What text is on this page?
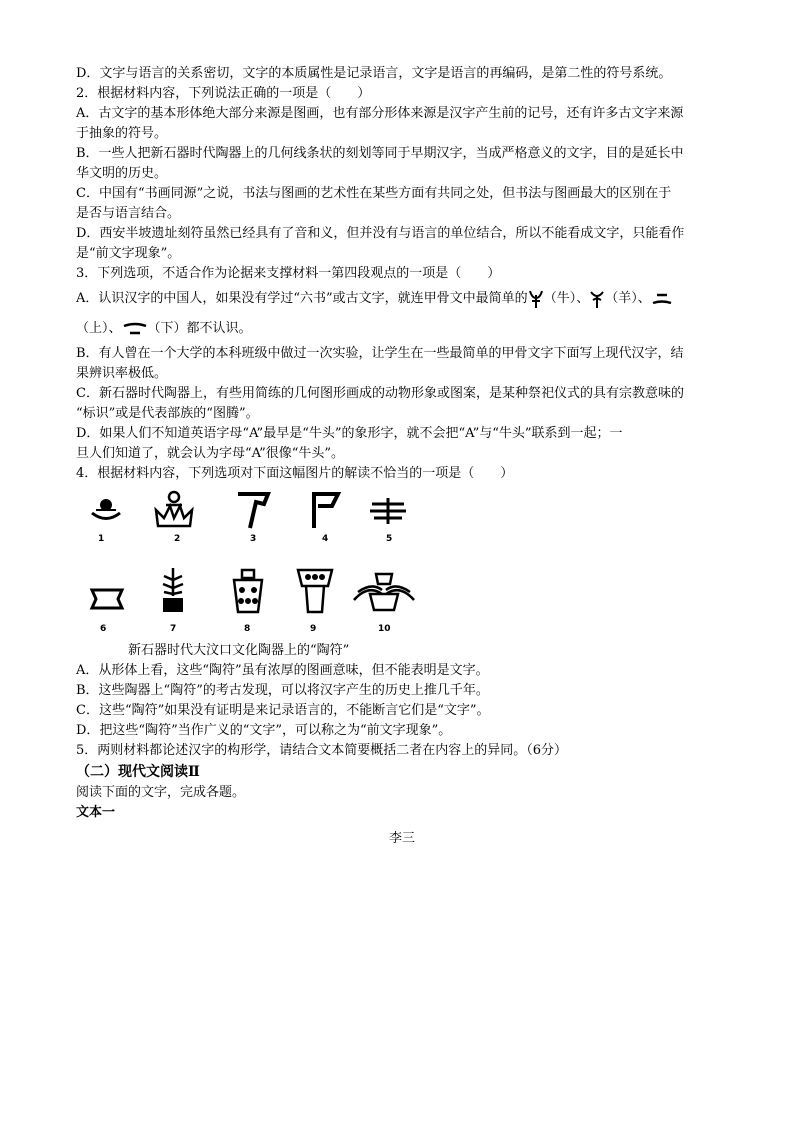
D．文字与语言的关系密切，文字的本质属性是记录语言，文字是语言的再编码，是第二性的符号系统。
2．根据材料内容，下列说法正确的一项是（　　）
A．古文字的基本形体绝大部分来源是图画，也有部分形体来源是汉字产生前的记号，还有许多古文字来源
于抽象的符号。
B．一些人把新石器时代陶器上的几何线条状的刻划等同于早期汉字，当成严格意义的文字，目的是延长中
华文明的历史。
C．中国有“书画同源”之说，书法与图画的艺术性在某些方面有共同之处，但书法与图画最大的区别在于
是否与语言结合。
D．西安半坡遗址刻符虽然已经具有了音和义，但并没有与语言的单位结合，所以不能看成文字，只能看作
是“前文字现象”。
3．下列选项，不适合作为论据来支撑材料一第四段观点的一项是（　　）
A．认识汉字的中国人，如果没有学过“六书”或古文字，就连甲骨文中最简单的 （牛）、 （羊）、
（上）、 （下）都不认识。
B．有人曾在一个大学的本科班级中做过一次实验，让学生在一些最简单的甲骨文字下面写上现代汉字，结
果辨识率极低。
C．新石器时代陶器上，有些用简练的几何图形画成的动物形象或图案，是某种祭祀仪式的具有宗教意味的
“标识”或是代表部族的“图腾”。
D．如果人们不知道英语字母“A”最早是“牛头”的象形字，就不会把“A”与“牛头”联系到一起；一
旦人们知道了，就会认为字母“A”很像“牛头”。
4．根据材料内容，下列选项对下面这幅图片的解读不恰当的一项是（　　）
1	2	3	4	5
6	7	8	9	10
新石器时代大汶口文化陶器上的“陶符”
A．从形体上看，这些“陶符”虽有浓厚的图画意味，但不能表明是文字。
B．这些陶器上“陶符”的考古发现，可以将汉字产生的历史上推几千年。
C．这些“陶符”如果没有证明是来记录语言的，不能断言它们是“文字”。
D．把这些“陶符”当作广义的“文字”，可以称之为“前文字现象”。
5．两则材料都论述汉字的构形学，请结合文本简要概括二者在内容上的异同。（6分）
（二）现代文阅读Ⅱ
阅读下面的文字，完成各题。
文本一
李三
